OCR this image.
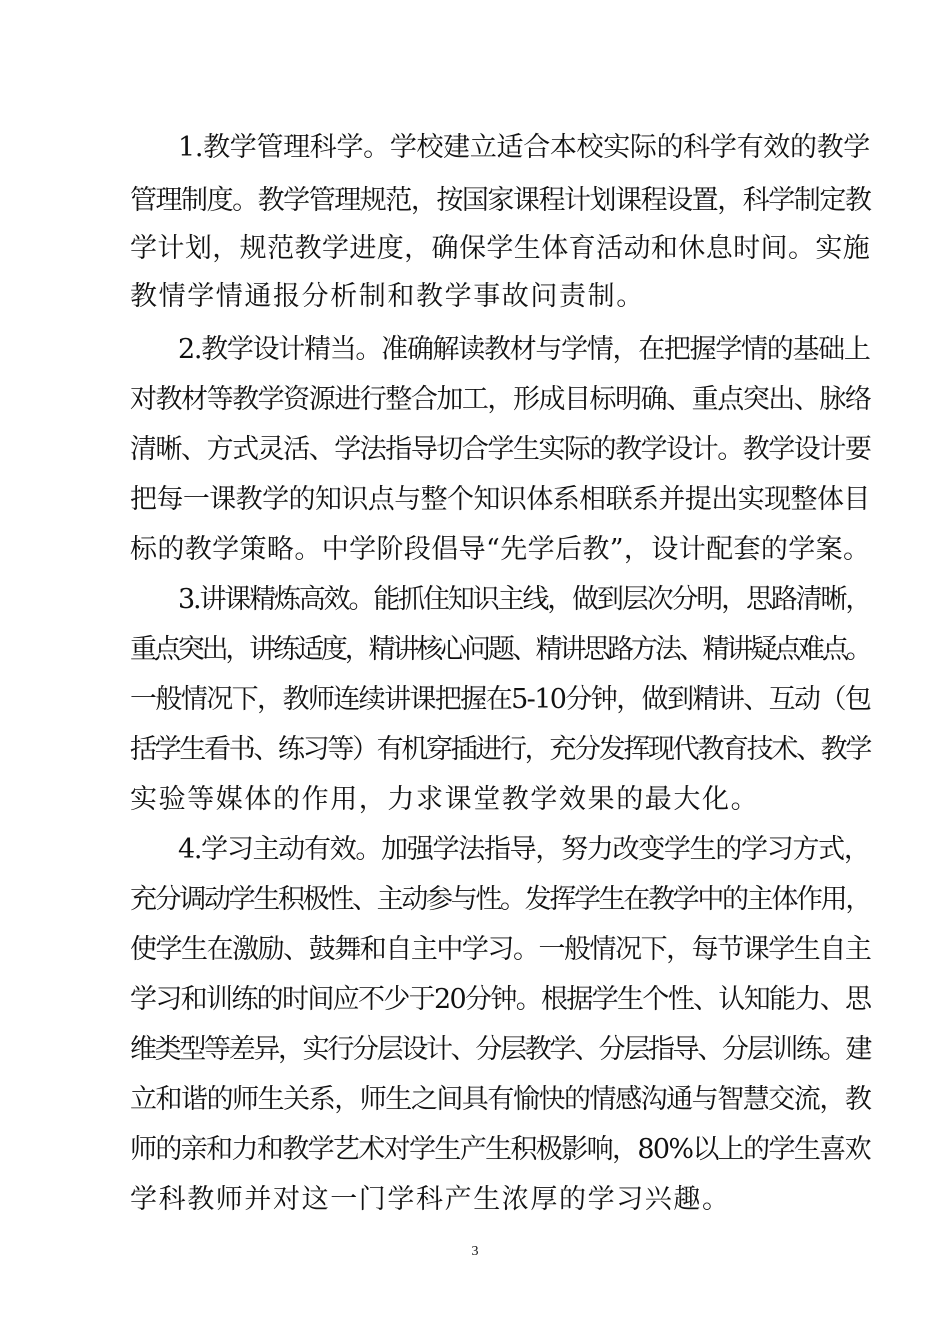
1.教学管理科学。学校建立适合本校实际的科学有效的教学
管理制度。教学管理规范，按国家课程计划课程设置，科学制定教
学计划，规范教学进度，确保学生体育活动和休息时间。实施
教情学情通报分析制和教学事故问责制。
2.教学设计精当。准确解读教材与学情，在把握学情的基础上
对教材等教学资源进行整合加工，形成目标明确、重点突出、脉络
清晰、方式灵活、学法指导切合学生实际的教学设计。教学设计要
把每一课教学的知识点与整个知识体系相联系并提出实现整体目
标的教学策略。中学阶段倡导“先学后教”，设计配套的学案。
3.讲课精炼高效。能抓住知识主线，做到层次分明，思路清晰，
重点突出，讲练适度，精讲核心问题、精讲思路方法、精讲疑点难点。
一般情况下，教师连续讲课把握在5-10分钟，做到精讲、互动（包
括学生看书、练习等）有机穿插进行，充分发挥现代教育技术、教学
实验等媒体的作用，力求课堂教学效果的最大化。
4.学习主动有效。加强学法指导，努力改变学生的学习方式，
充分调动学生积极性、主动参与性。发挥学生在教学中的主体作用，
使学生在激励、鼓舞和自主中学习。一般情况下，每节课学生自主
学习和训练的时间应不少于20分钟。根据学生个性、认知能力、思
维类型等差异，实行分层设计、分层教学、分层指导、分层训练。建
立和谐的师生关系，师生之间具有愉快的情感沟通与智慧交流，教
师的亲和力和教学艺术对学生产生积极影响，80%以上的学生喜欢
学科教师并对这一门学科产生浓厚的学习兴趣。
3
